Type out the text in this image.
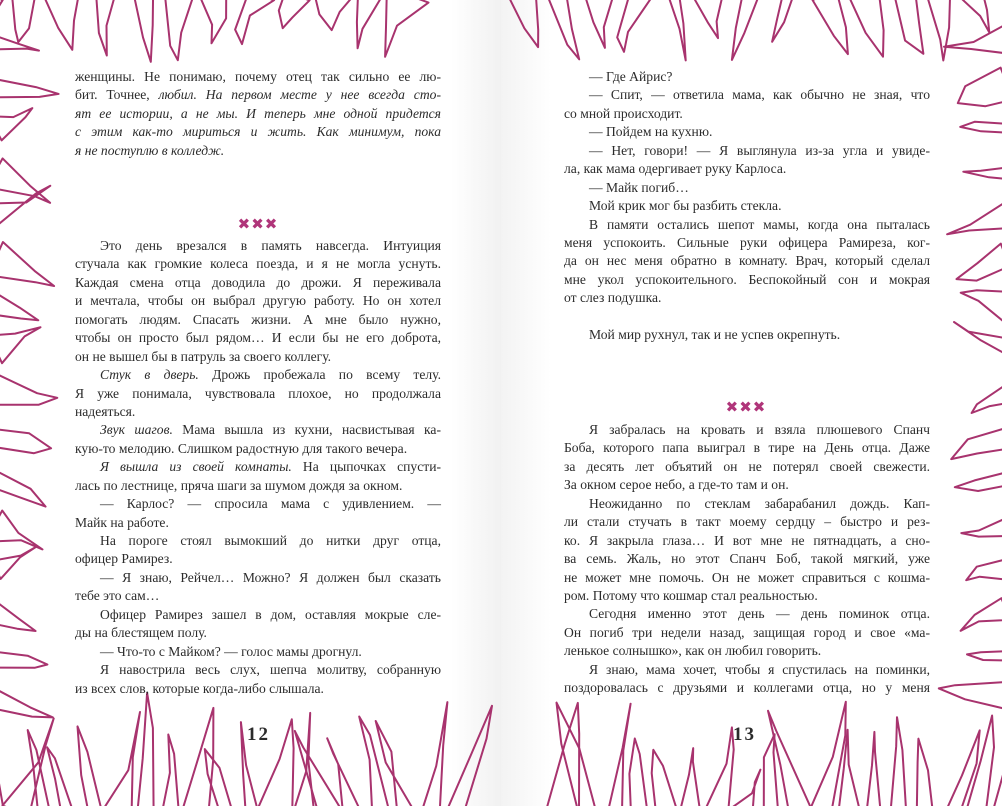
женщины. Не понимаю, почему отец так сильно ее лю-
бит. Точнее, любил. На первом месте у нее всегда сто-
ят ее истории, а не мы. И теперь мне одной придется
с этим как-то мириться и жить. Как минимум, пока
я не поступлю в колледж.
✖✖✖
Это день врезался в память навсегда. Интуиция
стучала как громкие колеса поезда, и я не могла уснуть.
Каждая смена отца доводила до дрожи. Я переживала
и мечтала, чтобы он выбрал другую работу. Но он хотел
помогать людям. Спасать жизни. А мне было нужно,
чтобы он просто был рядом… И если бы не его доброта,
он не вышел бы в патруль за своего коллегу.
Стук в дверь. Дрожь пробежала по всему телу.
Я уже понимала, чувствовала плохое, но продолжала
надеяться.
Звук шагов. Мама вышла из кухни, насвистывая ка-
кую-то мелодию. Слишком радостную для такого вечера.
Я вышла из своей комнаты. На цыпочках спусти-
лась по лестнице, пряча шаги за шумом дождя за окном.
— Карлос? — спросила мама с удивлением. —
Майк на работе.
На пороге стоял вымокший до нитки друг отца,
офицер Рамирез.
— Я знаю, Рейчел… Можно? Я должен был сказать
тебе это сам…
Офицер Рамирез зашел в дом, оставляя мокрые сле-
ды на блестящем полу.
— Что-то с Майком? — голос мамы дрогнул.
Я навострила весь слух, шепча молитву, собранную
из всех слов, которые когда-либо слышала.
12
— Где Айрис?
— Спит, — ответила мама, как обычно не зная, что
со мной происходит.
— Пойдем на кухню.
— Нет, говори! — Я выглянула из-за угла и увиде-
ла, как мама одергивает руку Карлоса.
— Майк погиб…
Мой крик мог бы разбить стекла.
В памяти остались шепот мамы, когда она пыталась
меня успокоить. Сильные руки офицера Рамиреза, ког-
да он нес меня обратно в комнату. Врач, который сделал
мне укол успокоительного. Беспокойный сон и мокрая
от слез подушка.
Мой мир рухнул, так и не успев окрепнуть.
✖✖✖
Я забралась на кровать и взяла плюшевого Спанч
Боба, которого папа выиграл в тире на День отца. Даже
за десять лет объятий он не потерял своей свежести.
За окном серое небо, а где-то там и он.
Неожиданно по стеклам забарабанил дождь. Кап-
ли стали стучать в такт моему сердцу – быстро и рез-
ко. Я закрыла глаза… И вот мне не пятнадцать, а сно-
ва семь. Жаль, но этот Спанч Боб, такой мягкий, уже
не может мне помочь. Он не может справиться с кошма-
ром. Потому что кошмар стал реальностью.
Сегодня именно этот день — день поминок отца.
Он погиб три недели назад, защищая город и свое «ма-
ленькое солнышко», как он любил говорить.
Я знаю, мама хочет, чтобы я спустилась на поминки,
поздоровалась с друзьями и коллегами отца, но у меня
13
